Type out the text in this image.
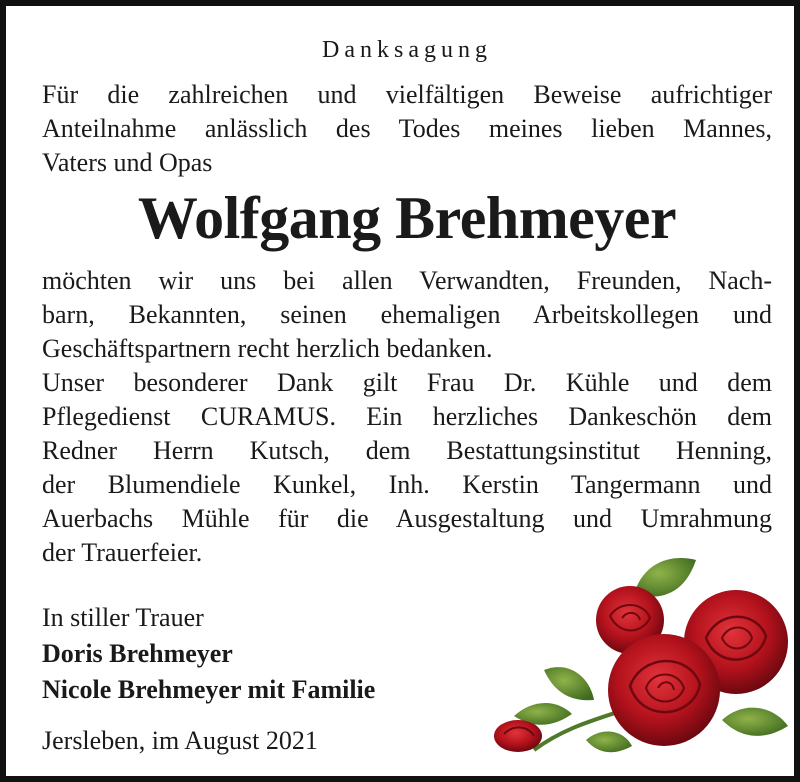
Danksagung

Für die zahlreichen und vielfältigen Beweise aufrichtiger
Anteilnahme anlässlich des Todes meines lieben Mannes,
Vaters und Opas

Wolfgang Brehmeyer

möchten wir uns bei allen Verwandten, Freunden, Nach-
barn, Bekannten, seinen ehemaligen Arbeitskollegen und
Geschäftspartnern recht herzlich bedanken.
Unser besonderer Dank gilt Frau Dr. Kühle und dem
Pflegedienst CURAMUS. Ein herzliches Dankeschön dem
Redner Herrn Kutsch, dem Bestattungsinstitut Henning,
der Blumendiele Kunkel, Inh. Kerstin Tangermann und
Auerbachs Mühle für die Ausgestaltung und Umrahmung
der Trauerfeier.

In stiller Trauer
Doris Brehmeyer
Nicole Brehmeyer mit Familie
Jersleben, im August 2021
